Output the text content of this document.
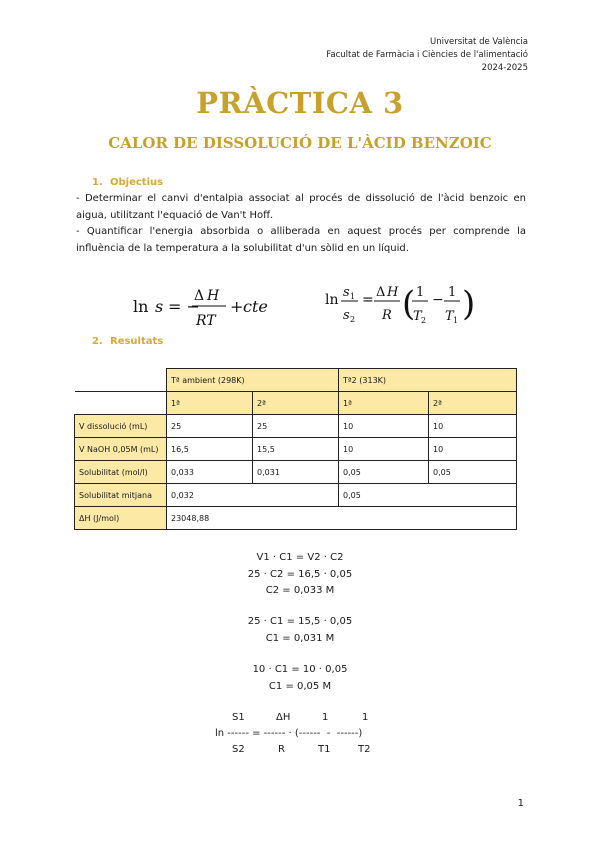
Universitat de València
Facultat de Farmàcia i Ciències de l'alimentació
2024-2025
PRÀCTICA 3
CALOR DE DISSOLUCIÓ DE L'ÀCID BENZOIC
1. Objectius
- Determinar el canvi d'entalpia associat al procés de dissolució de l'àcid benzoic en aigua, utilitzant l'equació de Van't Hoff.
- Quantificar l'energia absorbida o alliberada en aquest procés per comprende la influència de la temperatura a la solubilitat d'un sòlid en un líquid.
ln s = −
Δ H
RT
+ cte	ln s 1
s 2
= Δ H
R ( 1
T 2
− 1
T 1 )
2. Resultats
	Tª ambient (298K)		Tª2 (313K)	
	1ª	2ª	1ª	2ª
V dissolució (mL)	25	25	10	10
V NaOH 0,05M (mL)	16,5	15,5	10	10
Solubilitat (mol/l)	0,033	0,031	0,05	0,05
Solubilitat mitjana	0,032		0,05	
ΔH (J/mol)	23048,88			
V1 · C1 = V2 · C2
25 · C2 = 16,5 · 0,05
C2 = 0,033 M
25 · C1 = 15,5 · 0,05
C1 = 0,031 M
10 · C1 = 10 · 0,05
C1 = 0,05 M
S1	ΔH	1	1
ln ------ = ------ · (------  -  ------)
S2	R	T1	T2
1
